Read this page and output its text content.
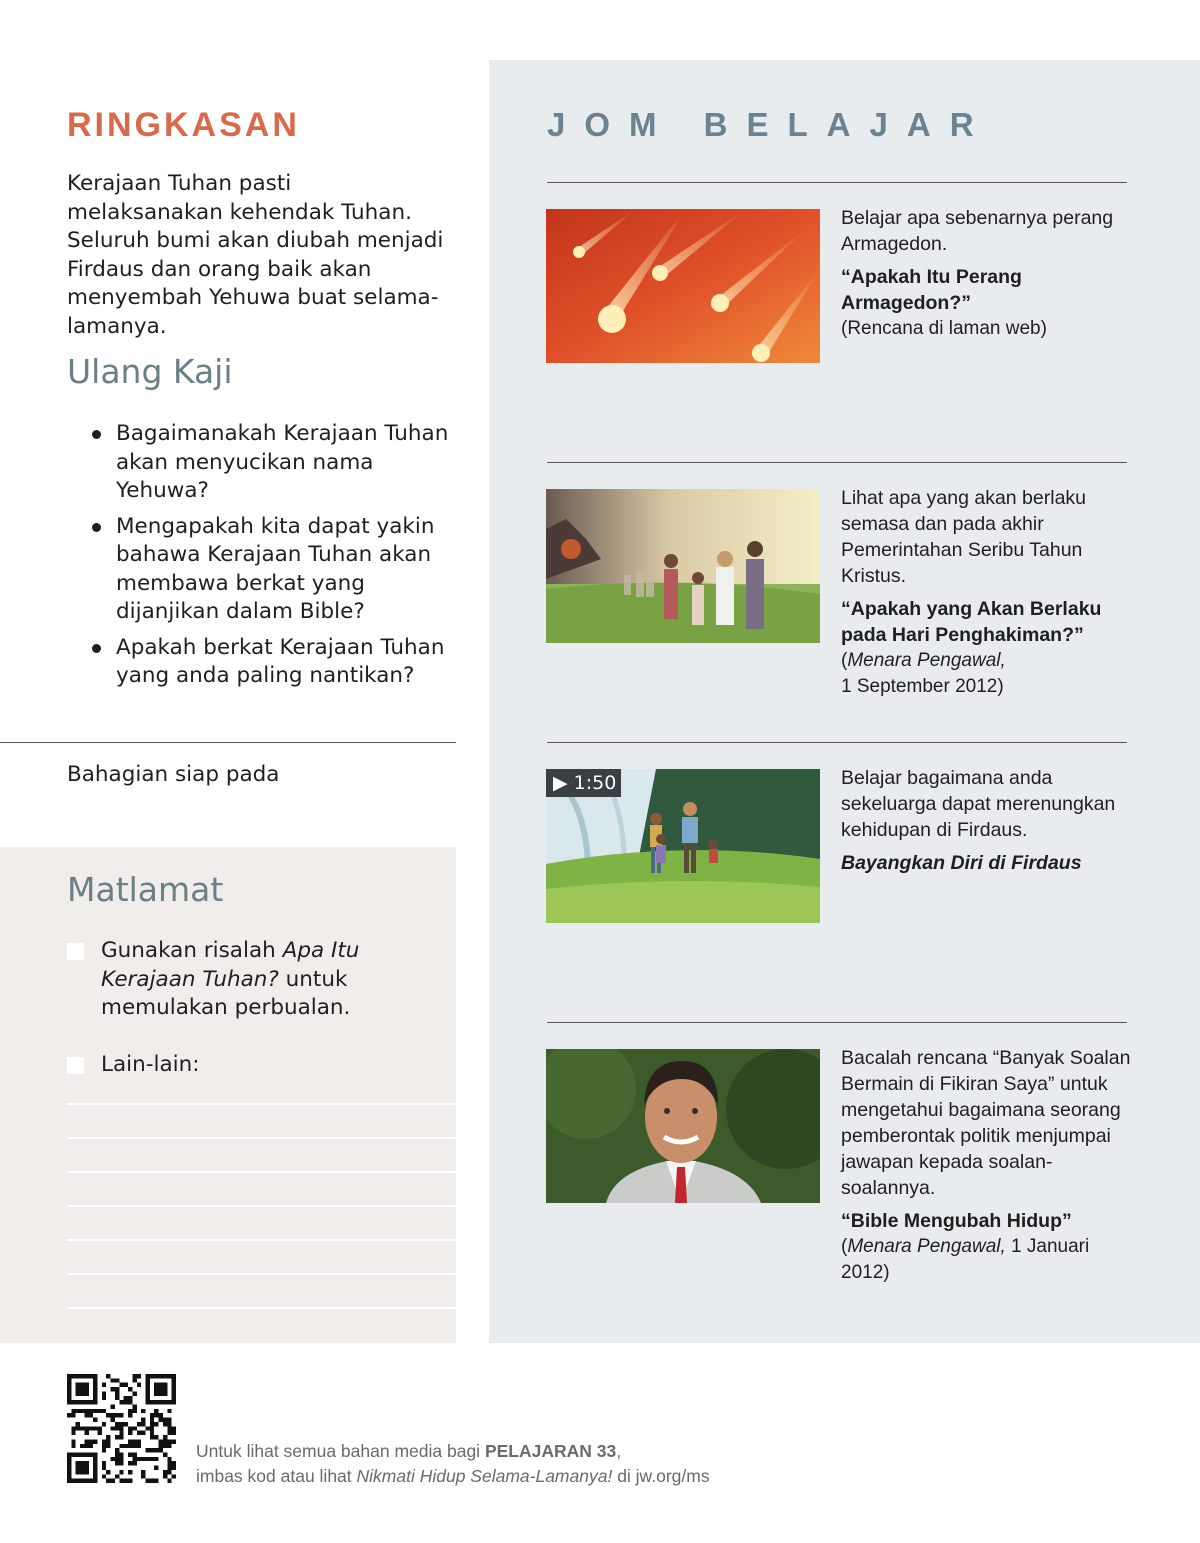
RINGKASAN

Kerajaan Tuhan pasti melaksanakan kehendak Tuhan. Seluruh bumi akan diubah menjadi Firdaus dan orang baik akan menyembah Yehuwa buat selama-lamanya.

Ulang Kaji
Bagaimanakah Kerajaan Tuhan akan menyucikan nama Yehuwa?
Mengapakah kita dapat yakin bahawa Kerajaan Tuhan akan membawa berkat yang dijanjikan dalam Bible?
Apakah berkat Kerajaan Tuhan yang anda paling nantikan?
Bahagian siap pada
Matlamat
Gunakan risalah Apa Itu Kerajaan Tuhan? untuk memulakan perbualan.
Lain-lain:
JOM BELAJAR
Belajar apa sebenarnya perang Armagedon.
“Apakah Itu Perang Armagedon?”
(Rencana di laman web)
Lihat apa yang akan berlaku semasa dan pada akhir Pemerintahan Seribu Tahun Kristus.
“Apakah yang Akan Berlaku pada Hari Penghakiman?”
(Menara Pengawal,
1 September 2012)
▶ 1:50	Belajar bagaimana anda sekeluarga dapat merenungkan kehidupan di Firdaus.
Bayangkan Diri di Firdaus
Bacalah rencana “Banyak Soalan Bermain di Fikiran Saya” untuk mengetahui bagaimana seorang pemberontak politik menjumpai jawapan kepada soalan-soalannya.
“Bible Mengubah Hidup”
(Menara Pengawal, 1 Januari 2012)
Untuk lihat semua bahan media bagi PELAJARAN 33,
imbas kod atau lihat Nikmati Hidup Selama-Lamanya! di jw.org/ms
